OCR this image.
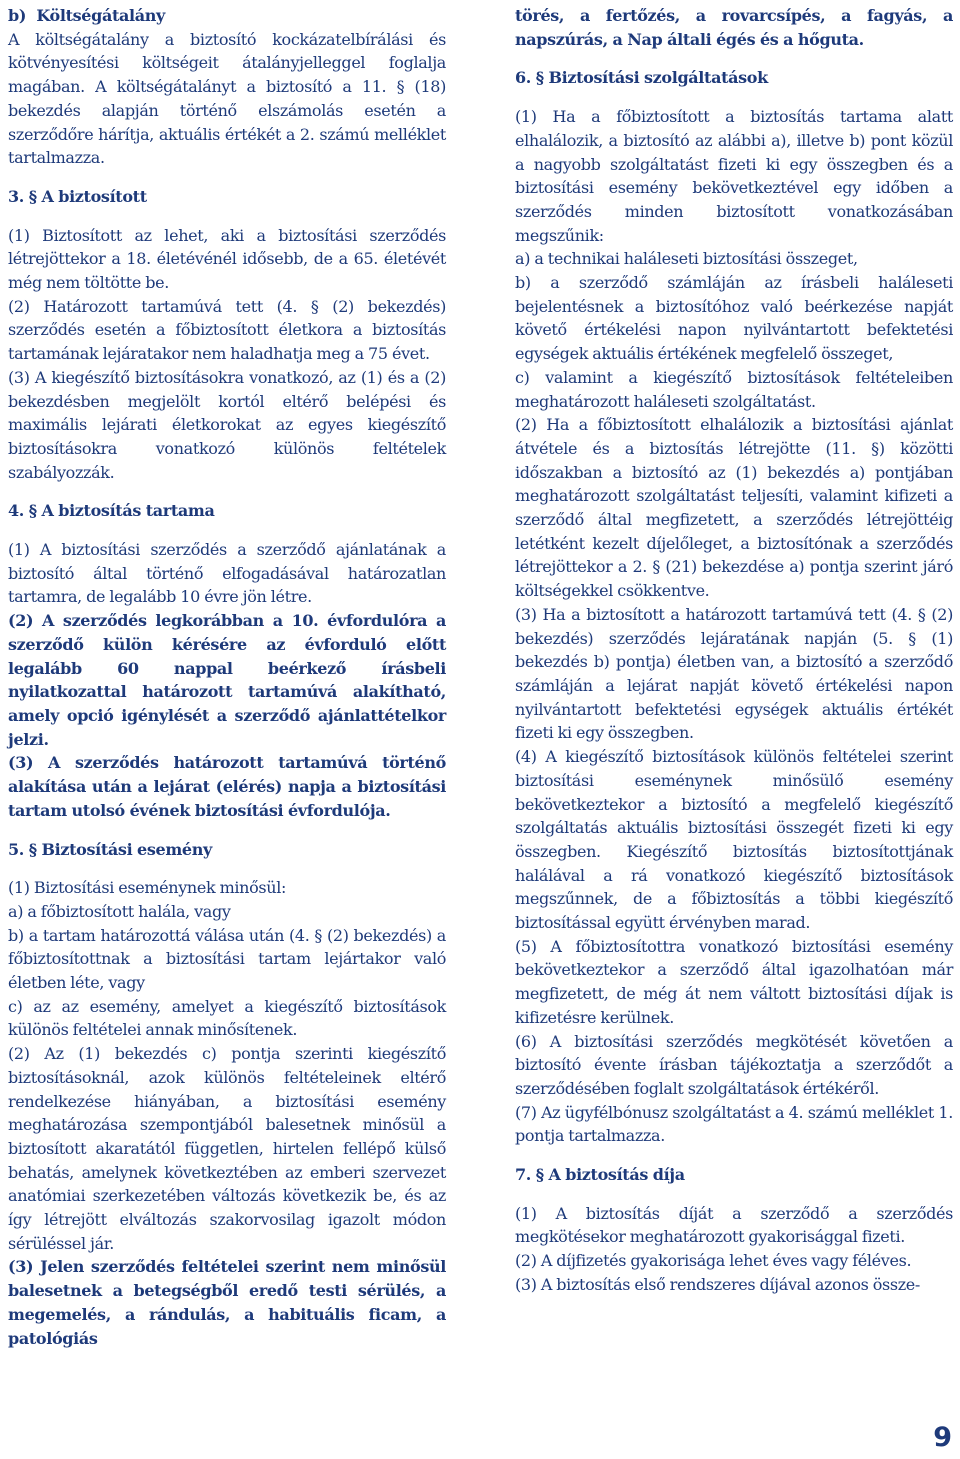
b)	Költségátalány

A költségátalány a biztosító kockázatelbírálási és kötvényesítési költségeit átalányjelleggel foglalja magában. A költségátalányt a biztosító a 11. § (18) bekezdés alapján történő elszámolás esetén a szerződőre hárítja, aktuális értékét a 2. számú melléklet tartalmazza.

3. § A biztosított

(1) Biztosított az lehet, aki a biztosítási szerződés létrejöttekor a 18. életévénél idősebb, de a 65. életévét még nem töltötte be.

(2) Határozott tartamúvá tett (4. § (2) bekezdés) szerződés esetén a főbiztosított életkora a biztosítás tartamának lejáratakor nem haladhatja meg a 75 évet.

(3) A kiegészítő biztosításokra vonatkozó, az (1) és a (2) bekezdésben megjelölt kortól eltérő belépési és maximális lejárati életkorokat az egyes kiegészítő biztosításokra vonatkozó különös feltételek szabályozzák.

4. § A biztosítás tartama

(1) A biztosítási szerződés a szerződő ajánlatának a biztosító által történő elfogadásával határozatlan tartamra, de legalább 10 évre jön létre.

(2) A szerződés legkorábban a 10. évfordulóra a szerződő külön kérésére az évforduló előtt legalább 60 nappal beérkező írásbeli nyilatkozattal határozott tartamúvá alakítható, amely opció igénylését a szerződő ajánlattételkor jelzi.

(3) A szerződés határozott tartamúvá történő alakítása után a lejárat (elérés) napja a biztosítási tartam utolsó évének biztosítási évfordulója.

5. § Biztosítási esemény

(1) Biztosítási eseménynek minősül:

a) a főbiztosított halála, vagy

b) a tartam határozottá válása után (4. § (2) bekezdés) a főbiztosítottnak a biztosítási tartam lejártakor való életben léte, vagy

c) az az esemény, amelyet a kiegészítő biztosítások különös feltételei annak minősítenek.

(2) Az (1) bekezdés c) pontja szerinti kiegészítő biztosításoknál, azok különös feltételeinek eltérő rendelkezése hiányában, a biztosítási esemény meghatározása szempontjából balesetnek minősül a biztosított akaratától független, hirtelen fellépő külső behatás, amelynek következtében az emberi szervezet anatómiai szerkezetében változás következik be, és az így létrejött elváltozás szakorvosilag igazolt módon sérüléssel jár.

(3) Jelen szerződés feltételei szerint nem minősül balesetnek a betegségből eredő testi sérülés, a megemelés, a rándulás, a habituális ficam, a patológiás

törés, a fertőzés, a rovarcsípés, a fagyás, a napszúrás, a Nap általi égés és a hőguta.

6. § Biztosítási szolgáltatások

(1) Ha a főbiztosított a biztosítás tartama alatt elhalálozik, a biztosító az alábbi a), illetve b) pont közül a nagyobb szolgáltatást fizeti ki egy összegben és a biztosítási esemény bekövetkeztével egy időben a szerződés minden biztosított vonatkozásában megszűnik:

a) a technikai haláleseti biztosítási összeget,

b) a szerződő számláján az írásbeli haláleseti bejelentésnek a biztosítóhoz való beérkezése napját követő értékelési napon nyilvántartott befektetési egységek aktuális értékének megfelelő összeget,

c) valamint a kiegészítő biztosítások feltételeiben meghatározott haláleseti szolgáltatást.

(2) Ha a főbiztosított elhalálozik a biztosítási ajánlat átvétele és a biztosítás létrejötte (11. §) közötti időszakban a biztosító az (1) bekezdés a) pontjában meghatározott szolgáltatást teljesíti, valamint kifizeti a szerződő által megfizetett, a szerződés létrejöttéig letétként kezelt díjelőleget, a biztosítónak a szerződés létrejöttekor a 2. § (21) bekezdése a) pontja szerint járó költségekkel csökkentve.

(3) Ha a biztosított a határozott tartamúvá tett (4. § (2) bekezdés) szerződés lejáratának napján (5. § (1) bekezdés b) pontja) életben van, a biztosító a szerződő számláján a lejárat napját követő értékelési napon nyilvántartott befektetési egységek aktuális értékét fizeti ki egy összegben.

(4) A kiegészítő biztosítások különös feltételei szerint biztosítási eseménynek minősülő esemény bekövetkeztekor a biztosító a megfelelő kiegészítő szolgáltatás aktuális biztosítási összegét fizeti ki egy összegben. Kiegészítő biztosítás biztosítottjának halálával a rá vonatkozó kiegészítő biztosítások megszűnnek, de a főbiztosítás a többi kiegészítő biztosítással együtt érvényben marad.

(5) A főbiztosítottra vonatkozó biztosítási esemény bekövetkeztekor a szerződő által igazolhatóan már megfizetett, de még át nem váltott biztosítási díjak is kifizetésre kerülnek.

(6) A biztosítási szerződés megkötését követően a biztosító évente írásban tájékoztatja a szerződőt a szerződésében foglalt szolgáltatások értékéről.

(7) Az ügyfélbónusz szolgáltatást a 4. számú melléklet 1. pontja tartalmazza.

7. § A biztosítás díja

(1) A biztosítás díját a szerződő a szerződés megkötésekor meghatározott gyakorisággal fizeti.

(2) A díjfizetés gyakorisága lehet éves vagy féléves.

(3) A biztosítás első rendszeres díjával azonos össze-

9
